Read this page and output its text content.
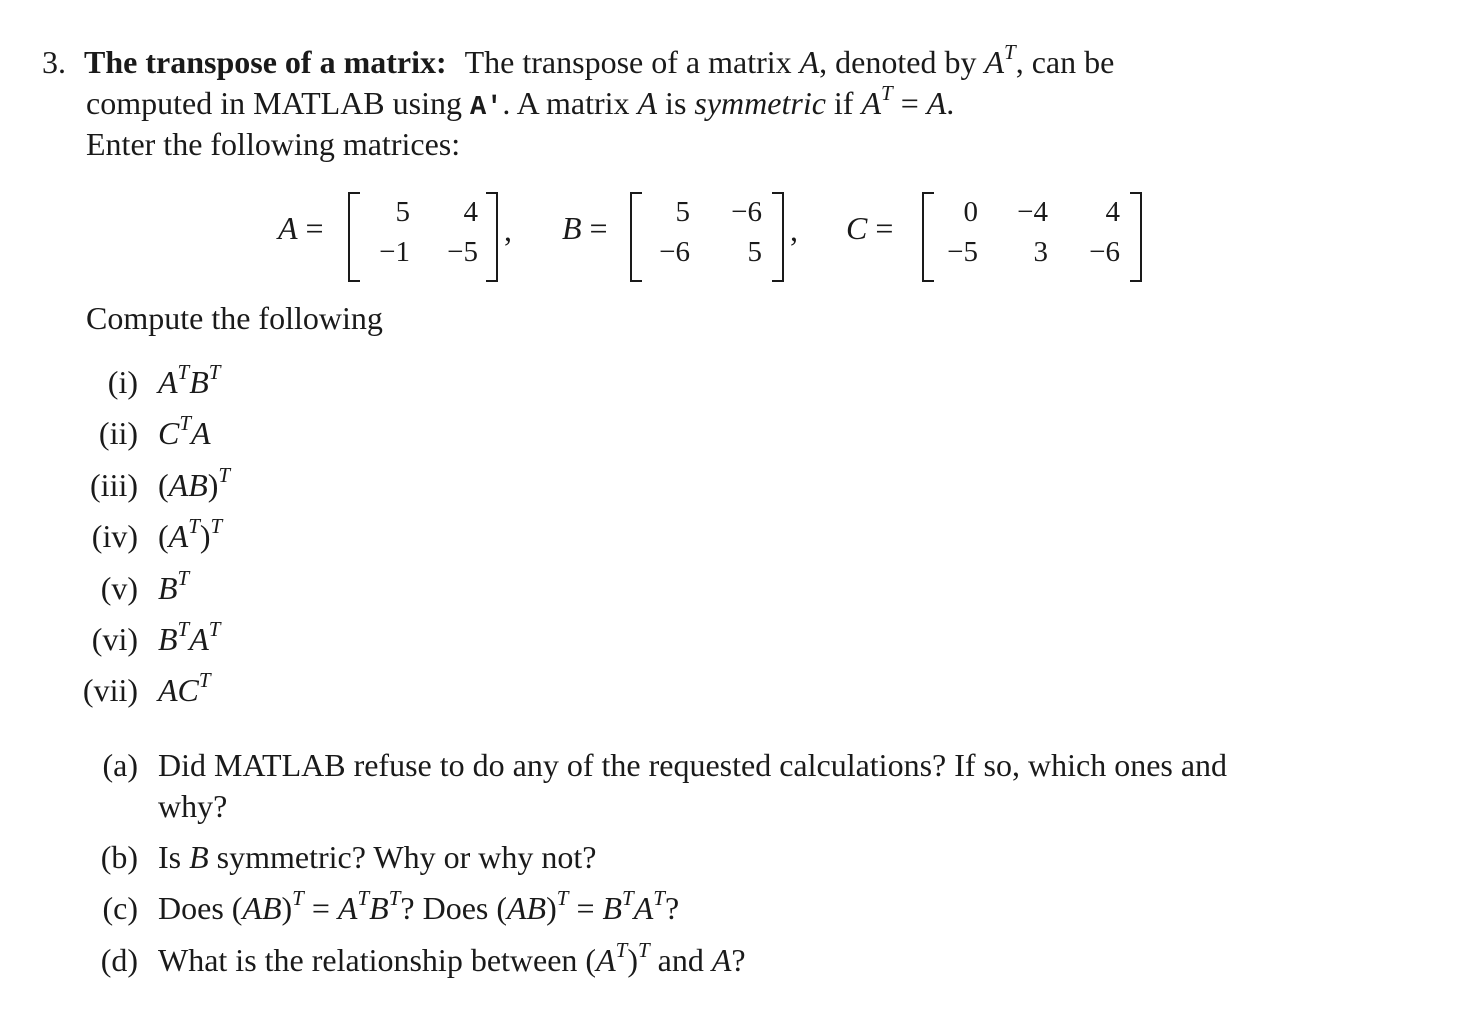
3. The transpose of a matrix: The transpose of a matrix A, denoted by $A^T$, can be
computed in MATLAB using A'. A matrix A is symmetric if $A^T = A$.
Enter the following matrices:
A =	5	4
−1	−5
, B =	5	−6
−6	5
, C =	0	−4	4
−5	3	−6
Compute the following
(i) $A^TB^T$
(ii) $C^TA$
(iii) (AB)$^T$
(iv) $(A^T)^T$
(v) $B^T$
(vi) $B^TA^T$
(vii) $AC^T$
(a) Did MATLAB refuse to do any of the requested calculations? If so, which ones and
why?
(b) Is B symmetric? Why or why not?
(c) Does $(AB)^T = A^TB^T$? Does $(AB)^T = B^TA^T$?
(d) What is the relationship between $(A^T)^T$ and A?
